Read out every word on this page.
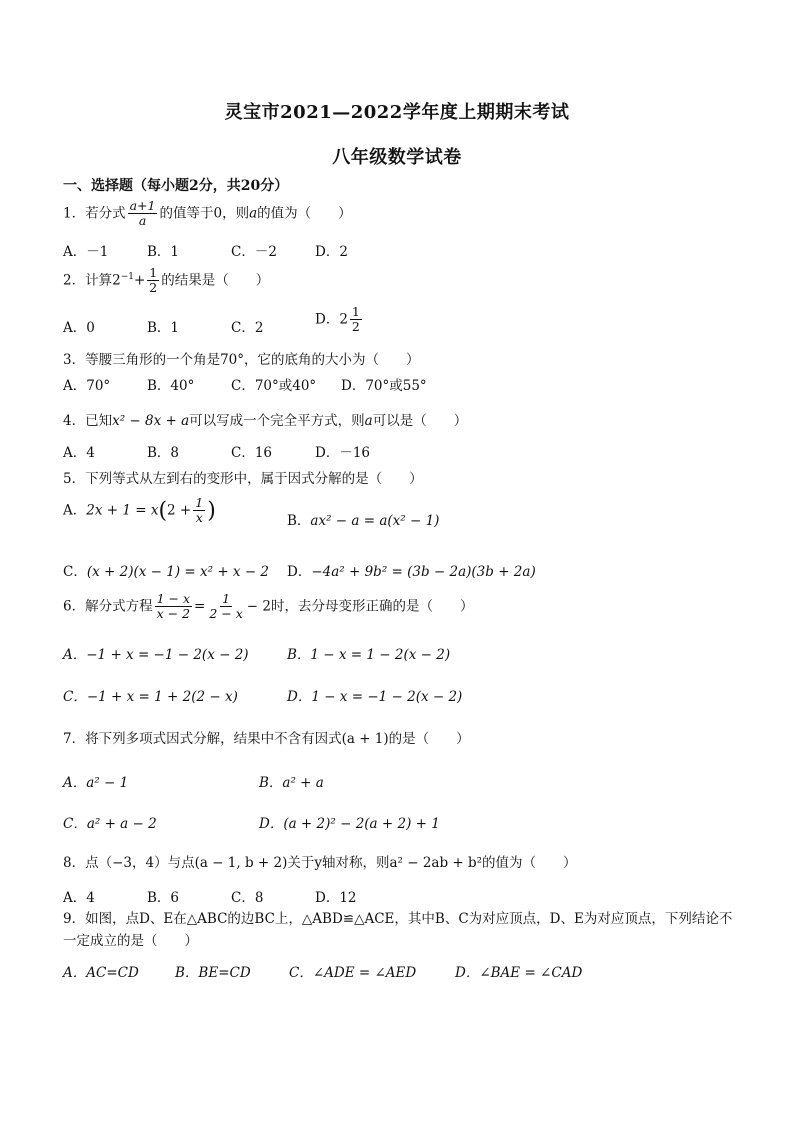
灵宝市2021—2022学年度上期期末考试
八年级数学试卷
一、选择题（每小题2分，共20分）
1．若分式 $\frac{a+1}{a}$ 的值等于0，则a的值为（　　）
A．－1	B．1	C．－2	D．2
2．计算$2^{-1}+ \frac{1}{2}$ 的结果是（　　）
A．0	B．1	C．2
D．$2 \frac{1}{2}$
3．等腰三角形的一个角是70°，它的底角的大小为（　　）
A．70°	B．40°	C．70°或40° D．70°或55°
4．已知x² − 8x + a可以写成一个完全平方式，则a可以是（　　）
A．4	B．8	C．16	D．－16
5．下列等式从左到右的变形中，属于因式分解的是（　　）
A．$2x + 1 = x(2 + \frac{1}{x}$ )	B．ax² − a = a(x² − 1)
C．(x + 2)(x − 1) = x² + x − 2 D．−4a² + 9b² = (3b − 2a)(3b + 2a)
6．解分式方程 $\frac{1 - x}{x - 2} = \frac{1}{2 - x} - 2$时，去分母变形正确的是（　　）
A．−1 + x = −1 − 2(x − 2)	B．1 − x = 1 − 2(x − 2)
C．−1 + x = 1 + 2(2 − x)	D．1 − x = −1 − 2(x − 2)
7．将下列多项式因式分解，结果中不含有因式(a + 1)的是（　　）
A．a² − 1	B．a² + a
C．a² + a − 2	D．(a + 2)² − 2(a + 2) + 1
8．点（−3，4）与点(a − 1, b + 2)关于y轴对称，则a² − 2ab + b²的值为（　　）
A．4	B．6	C．8	D．12
9．如图，点D、E在△ABC的边BC上，△ABD≌△ACE，其中B、C为对应顶点，D、E为对应顶点，下列结论不一定成立的是（　　）
A．AC=CD	B．BE=CD	C．∠ADE = ∠AED	D．∠BAE = ∠CAD
